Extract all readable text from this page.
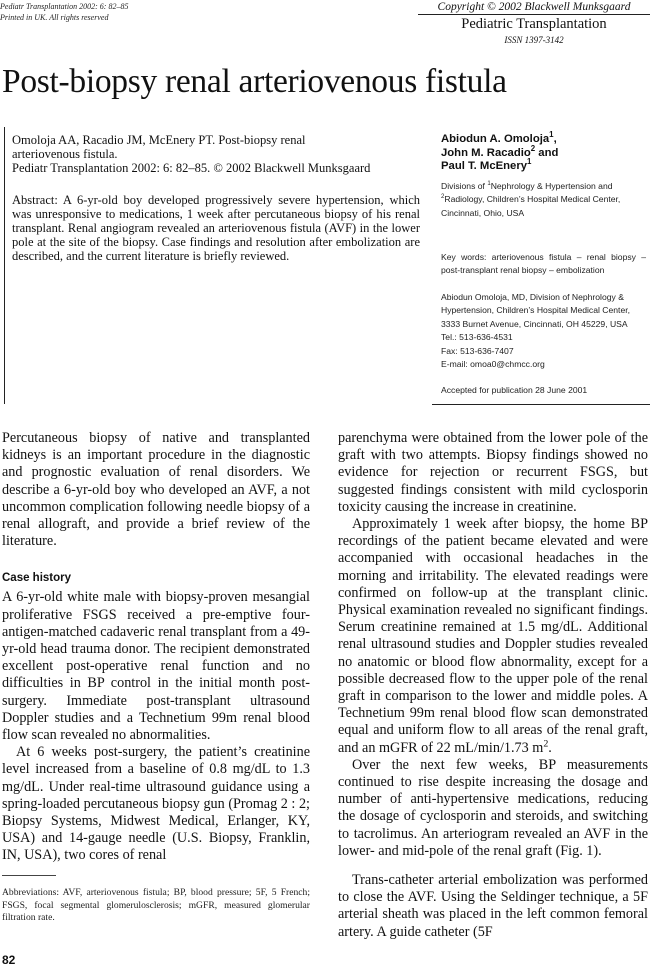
Pediatr Transplantation 2002: 6: 82–85
Printed in UK. All rights reserved
Copyright © 2002 Blackwell Munksgaard
Pediatric Transplantation
ISSN 1397-3142
Post-biopsy renal arteriovenous fistula
Omoloja AA, Racadio JM, McEnery PT. Post-biopsy renal
arteriovenous fistula.
Pediatr Transplantation 2002: 6: 82–85. © 2002 Blackwell Munksgaard
Abstract: A 6-yr-old boy developed progressively severe hypertension, which was unresponsive to medications, 1 week after percutaneous biopsy of his renal transplant. Renal angiogram revealed an arteriovenous fistula (AVF) in the lower pole at the site of the biopsy. Case findings and resolution after embolization are described, and the current literature is briefly reviewed.
Abiodun A. Omoloja$^1$,
John M. Racadio$^2$ and
Paul T. McEnery$^1$
Divisions of $^1$Nephrology & Hypertension and $^2$Radiology, Children’s Hospital Medical Center, Cincinnati, Ohio, USA
Key words: arteriovenous fistula – renal biopsy – post-transplant renal biopsy – embolization
Abiodun Omoloja, MD, Division of Nephrology &
Hypertension, Children’s Hospital Medical Center,
3333 Burnet Avenue, Cincinnati, OH 45229, USA
Tel.: 513-636-4531
Fax: 513-636-7407
E-mail: omoa0@chmcc.org
Accepted for publication 28 June 2001

Percutaneous biopsy of native and transplanted kidneys is an important procedure in the diagnostic and prognostic evaluation of renal disorders. We describe a 6-yr-old boy who developed an AVF, a not uncommon complication following needle biopsy of a renal allograft, and provide a brief review of the literature.

Case history

A 6-yr-old white male with biopsy-proven mesangial proliferative FSGS received a pre-emptive four-antigen-matched cadaveric renal transplant from a 49-yr-old head trauma donor. The recipient demonstrated excellent post-operative renal function and no difficulties in BP control in the initial month post-surgery. Immediate post-transplant ultrasound Doppler studies and a Technetium 99m renal blood flow scan revealed no abnormalities.

At 6 weeks post-surgery, the patient’s creatinine level increased from a baseline of 0.8 mg/dL to 1.3 mg/dL. Under real-time ultrasound guidance using a spring-loaded percutaneous biopsy gun (Promag 2 : 2; Biopsy Systems, Midwest Medical, Erlanger, KY, USA) and 14-gauge needle (U.S. Biopsy, Franklin, IN, USA), two cores of renal

parenchyma were obtained from the lower pole of the graft with two attempts. Biopsy findings showed no evidence for rejection or recurrent FSGS, but suggested findings consistent with mild cyclosporin toxicity causing the increase in creatinine.

Approximately 1 week after biopsy, the home BP recordings of the patient became elevated and were accompanied with occasional headaches in the morning and irritability. The elevated readings were confirmed on follow-up at the transplant clinic. Physical examination revealed no significant findings. Serum creatinine remained at 1.5 mg/dL. Additional renal ultrasound studies and Doppler studies revealed no anatomic or blood flow abnormality, except for a possible decreased flow to the upper pole of the renal graft in comparison to the lower and middle poles. A Technetium 99m renal blood flow scan demonstrated equal and uniform flow to all areas of the renal graft, and an mGFR of 22 mL/min/1.73 $m^2$.

Over the next few weeks, BP measurements continued to rise despite increasing the dosage and number of anti-hypertensive medications, reducing the dosage of cyclosporin and steroids, and switching to tacrolimus. An arteriogram revealed an AVF in the lower- and mid-pole of the renal graft (Fig. 1).

Trans-catheter arterial embolization was performed to close the AVF. Using the Seldinger technique, a 5F arterial sheath was placed in the left common femoral artery. A guide catheter (5F

Abbreviations: AVF, arteriovenous fistula; BP, blood pressure; 5F, 5 French; FSGS, focal segmental glomerulosclerosis; mGFR, measured glomerular filtration rate.
82
